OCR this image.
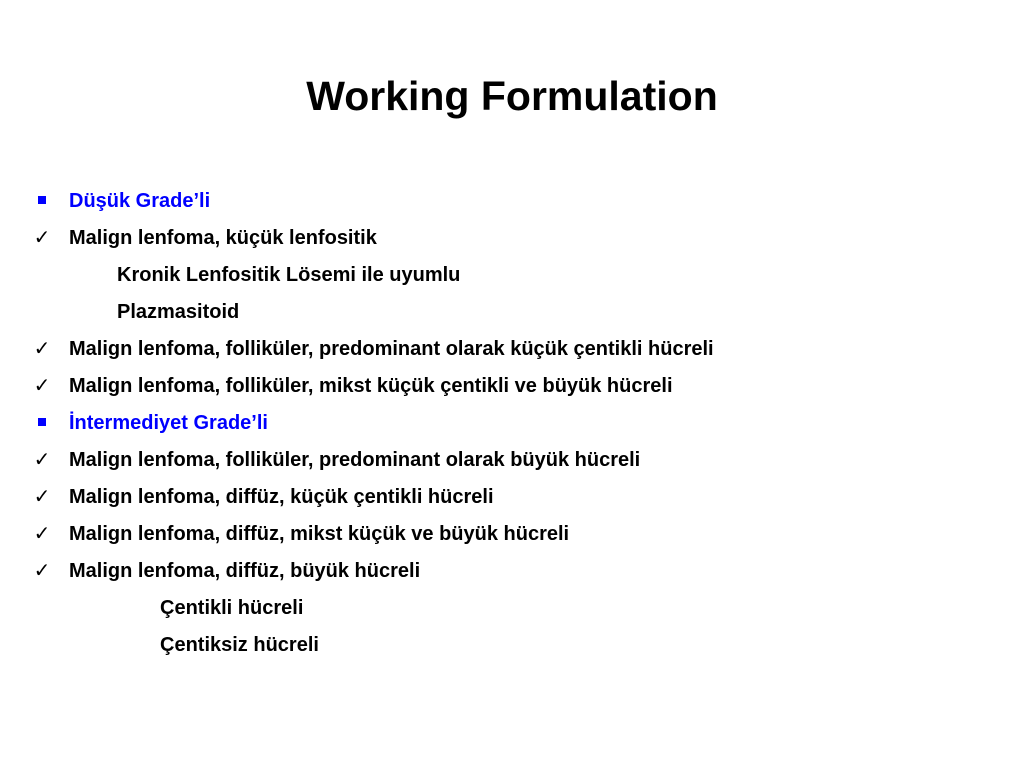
Working Formulation
Düşük Grade’li
✓ Malign lenfoma, küçük lenfositik
Kronik Lenfositik Lösemi ile uyumlu
Plazmasitoid
✓ Malign lenfoma, folliküler, predominant olarak küçük çentikli hücreli
✓ Malign lenfoma, folliküler, mikst küçük çentikli ve büyük hücreli
İntermediyet Grade’li
✓ Malign lenfoma, folliküler, predominant olarak büyük hücreli
✓ Malign lenfoma, diffüz, küçük çentikli hücreli
✓ Malign lenfoma, diffüz, mikst küçük ve büyük hücreli
✓ Malign lenfoma, diffüz, büyük hücreli
Çentikli hücreli
Çentiksiz hücreli
